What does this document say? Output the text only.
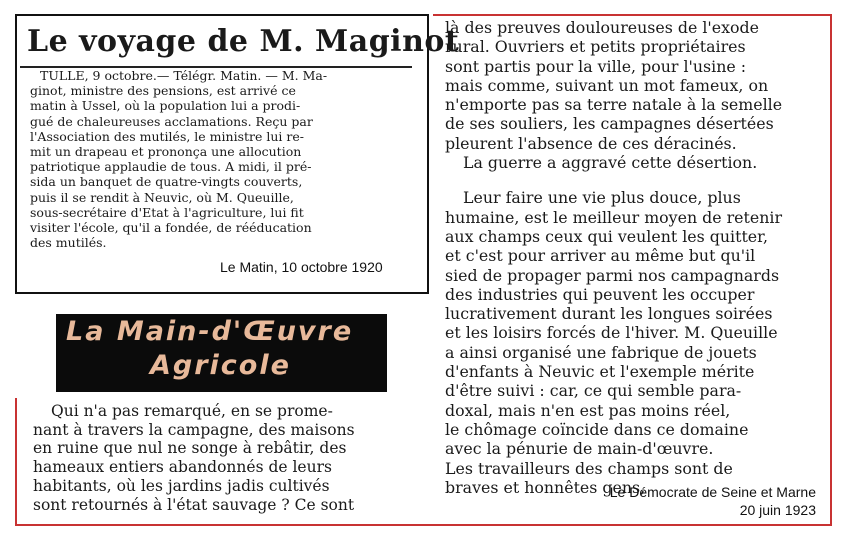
Le voyage de M. Maginot
TULLE, 9 octobre.— Télégr. Matin. — M. Ma-
ginot, ministre des pensions, est arrivé ce
matin à Ussel, où la population lui a prodi-
gué de chaleureuses acclamations. Reçu par
l'Association des mutilés, le ministre lui re-
mit un drapeau et prononça une allocution
patriotique applaudie de tous. A midi, il pré-
sida un banquet de quatre-vingts couverts,
puis il se rendit à Neuvic, où M. Queuille,
sous-secrétaire d'Etat à l'agriculture, lui fit
visiter l'école, qu'il a fondée, de rééducation
des mutilés.
Le Matin, 10 octobre 1920
La Main-d'Œuvre
Agricole
Qui n'a pas remarqué, en se prome-
nant à travers la campagne, des maisons
en ruine que nul ne songe à rebâtir, des
hameaux entiers abandonnés de leurs
habitants, où les jardins jadis cultivés
sont retournés à l'état sauvage ? Ce sont
là des preuves douloureuses de l'exode
rural. Ouvriers et petits propriétaires
sont partis pour la ville, pour l'usine :
mais comme, suivant un mot fameux, on
n'emporte pas sa terre natale à la semelle
de ses souliers, les campagnes désertées
pleurent l'absence de ces déracinés.
La guerre a aggravé cette désertion.
Leur faire une vie plus douce, plus
humaine, est le meilleur moyen de retenir
aux champs ceux qui veulent les quitter,
et c'est pour arriver au même but qu'il
sied de propager parmi nos campagnards
des industries qui peuvent les occuper
lucrativement durant les longues soirées
et les loisirs forcés de l'hiver. M. Queuille
a ainsi organisé une fabrique de jouets
d'enfants à Neuvic et l'exemple mérite
d'être suivi : car, ce qui semble para-
doxal, mais n'en est pas moins réel,
le chômage coïncide dans ce domaine
avec la pénurie de main-d'œuvre.
Les travailleurs des champs sont de
braves et honnêtes gens,
Le Démocrate de Seine et Marne
20 juin 1923
